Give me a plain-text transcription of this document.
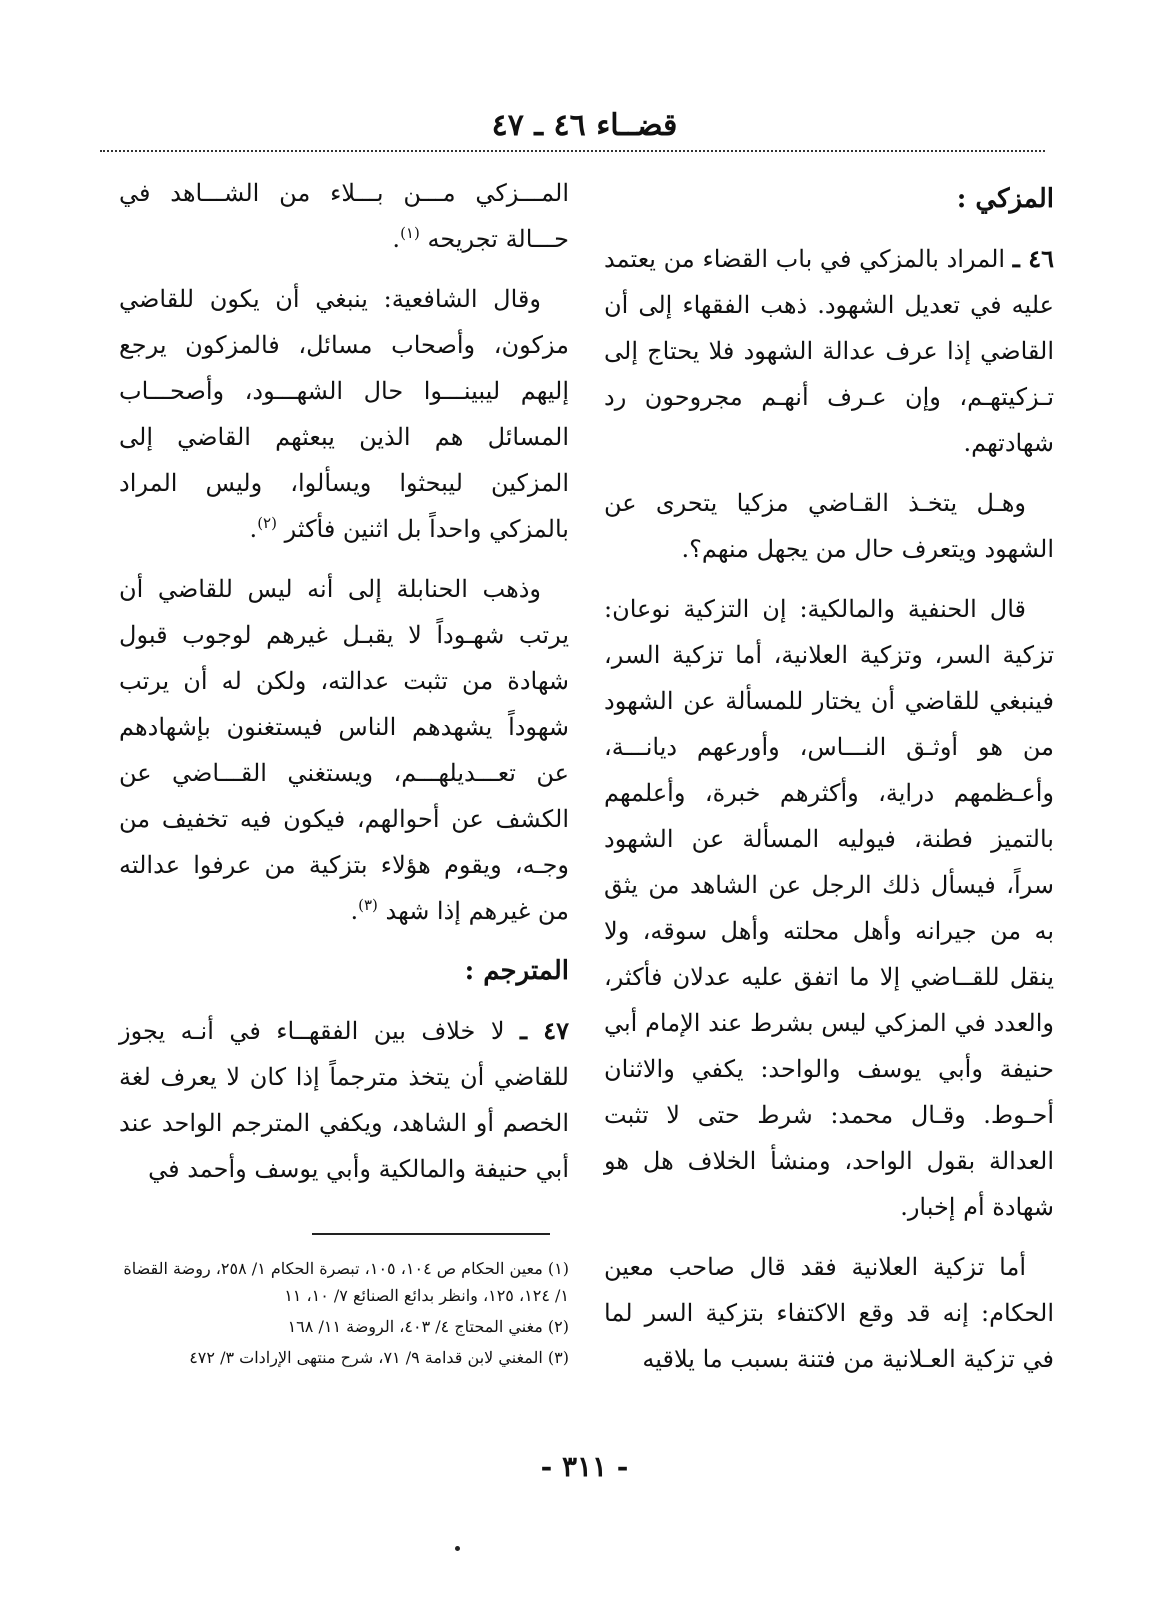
قضــاء ٤٦ ـ ٤٧
المزكي :

٤٦ ـ المراد بالمزكي في باب القضاء من يعتمد عليه في تعديل الشهود. ذهب الفقهاء إلى أن القاضي إذا عرف عدالة الشهود فلا يحتاج إلى تـزكيتهـم، وإن عـرف أنهـم مجروحون رد شهادتهم.

وهـل يتخـذ القـاضي مزكيا يتحرى عن الشهود ويتعرف حال من يجهل منهم؟.

قال الحنفية والمالكية: إن التزكية نوعان: تزكية السر، وتزكية العلانية، أما تزكية السر، فينبغي للقاضي أن يختار للمسألة عن الشهود من هو أوثـق النـــاس، وأورعهم ديانـــة، وأعـظمهم دراية، وأكثرهم خبرة، وأعلمهم بالتميز فطنة، فيوليه المسألة عن الشهود سراً، فيسأل ذلك الرجل عن الشاهد من يثق به من جيرانه وأهل محلته وأهل سوقه، ولا ينقل للقــاضي إلا ما اتفق عليه عدلان فأكثر، والعدد في المزكي ليس بشرط عند الإمام أبي حنيفة وأبي يوسف والواحد: يكفي والاثنان أحـوط. وقـال محمد: شرط حتى لا تثبت العدالة بقول الواحد، ومنشأ الخلاف هل هو شهادة أم إخبار.

أما تزكية العلانية فقد قال صاحب معين الحكام: إنه قد وقع الاكتفاء بتزكية السر لما في تزكية العـلانية من فتنة بسبب ما يلاقيه

المـــزكي مـــن بـــلاء من الشـــاهد في حـــالة تجريحه $^{(١)}$.

وقال الشافعية: ينبغي أن يكون للقاضي مزكون، وأصحاب مسائل، فالمزكون يرجع إليهم ليبينـــوا حال الشهـــود، وأصحـــاب المسائل هم الذين يبعثهم القاضي إلى المزكين ليبحثوا ويسألوا، وليس المراد بالمزكي واحداً بل اثنين فأكثر $^{(٢)}$.

وذهب الحنابلة إلى أنه ليس للقاضي أن يرتب شهـوداً لا يقبـل غيرهم لوجوب قبول شهادة من تثبت عدالته، ولكن له أن يرتب شهوداً يشهدهم الناس فيستغنون بإشهادهم عن تعـــديلهـــم، ويستغني القـــاضي عن الكشف عن أحوالهم، فيكون فيه تخفيف من وجـه، ويقوم هؤلاء بتزكية من عرفوا عدالته من غيرهم إذا شهد $^{(٣)}$.

المترجم :

٤٧ ـ لا خلاف بين الفقهــاء في أنـه يجوز للقاضي أن يتخذ مترجماً إذا كان لا يعرف لغة الخصم أو الشاهد، ويكفي المترجم الواحد عند أبي حنيفة والمالكية وأبي يوسف وأحمد في

(١) معين الحكام ص ١٠٤، ١٠٥، تبصرة الحكام ١/ ٢٥٨، روضة القضاة ١/ ١٢٤، ١٢٥، وانظر بدائع الصنائع ٧/ ١٠، ١١
(٢) مغني المحتاج ٤/ ٤٠٣، الروضة ١١/ ١٦٨
(٣) المغني لابن قدامة ٩/ ٧١، شرح منتهى الإرادات ٣/ ٤٧٢
- ٣١١ -
